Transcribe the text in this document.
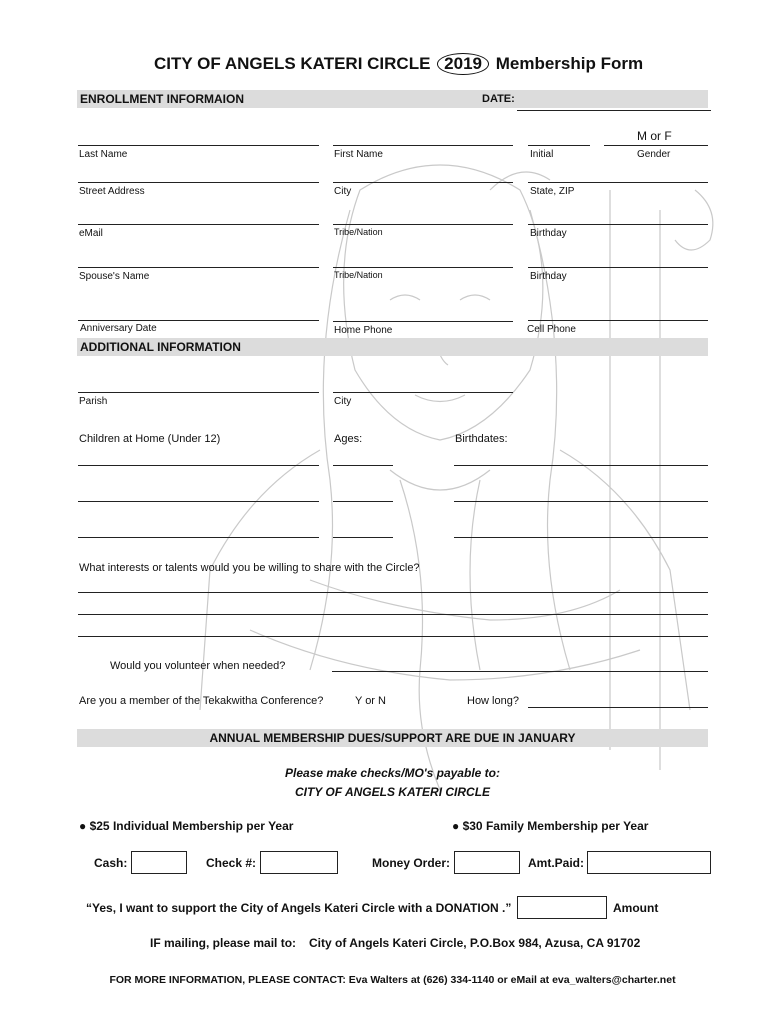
CITY OF ANGELS KATERI CIRCLE 2019 Membership Form
ENROLLMENT INFORMAION	DATE:
M or F
Last Name	First Name	Initial	Gender
Street Address	City	State, ZIP
eMail	Tribe/Nation	Birthday
Spouse's Name	Tribe/Nation	Birthday
Anniversary Date	Home Phone	Cell Phone
ADDITIONAL INFORMATION
Parish	City
Children at Home (Under 12)	Ages:	Birthdates:
What interests or talents would you be willing to share with the Circle?
Would you volunteer when needed?
Are you a member of the Tekakwitha Conference?	Y or N	How long?
ANNUAL MEMBERSHIP DUES/SUPPORT ARE DUE IN JANUARY
Please make checks/MO's payable to:
CITY OF ANGELS KATERI CIRCLE
● $25 Individual Membership per Year	● $30 Family Membership per Year
Cash:	Check #:	Money Order:	Amt.Paid:
“Yes, I want to support the City of Angels Kateri Circle with a DONATION .”	Amount
IF mailing, please mail to: City of Angels Kateri Circle, P.O.Box 984, Azusa, CA 91702
FOR MORE INFORMATION, PLEASE CONTACT: Eva Walters at (626) 334-1140 or eMail at eva_walters@charter.net
